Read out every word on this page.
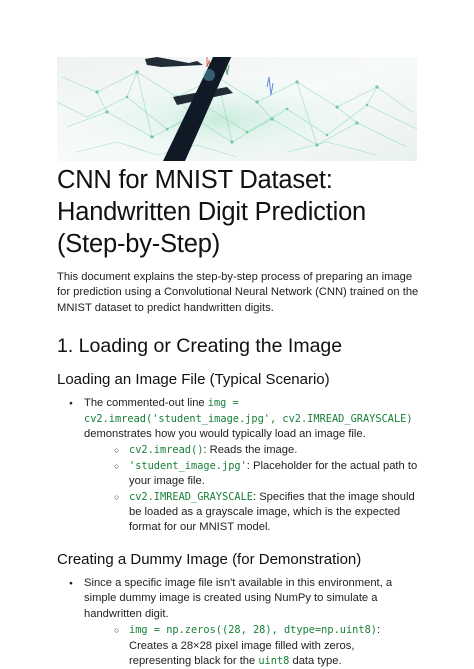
CNN for MNIST Dataset: Handwritten Digit Prediction (Step-by-Step)

This document explains the step-by-step process of preparing an image for prediction using a Convolutional Neural Network (CNN) trained on the MNIST dataset to predict handwritten digits.

1. Loading or Creating the Image
Loading an Image File (Typical Scenario)
● The commented-out line img = cv2.imread('student_image.jpg', cv2.IMREAD_GRAYSCALE) demonstrates how you would typically load an image file.
○ cv2.imread(): Reads the image.
○ 'student_image.jpg': Placeholder for the actual path to your image file.
○ cv2.IMREAD_GRAYSCALE: Specifies that the image should be loaded as a grayscale image, which is the expected format for our MNIST model.
Creating a Dummy Image (for Demonstration)
● Since a specific image file isn't available in this environment, a simple dummy image is created using NumPy to simulate a handwritten digit.
○ img = np.zeros((28, 28), dtype=np.uint8): Creates a 28×28 pixel image filled with zeros, representing black for the uint8 data type.
